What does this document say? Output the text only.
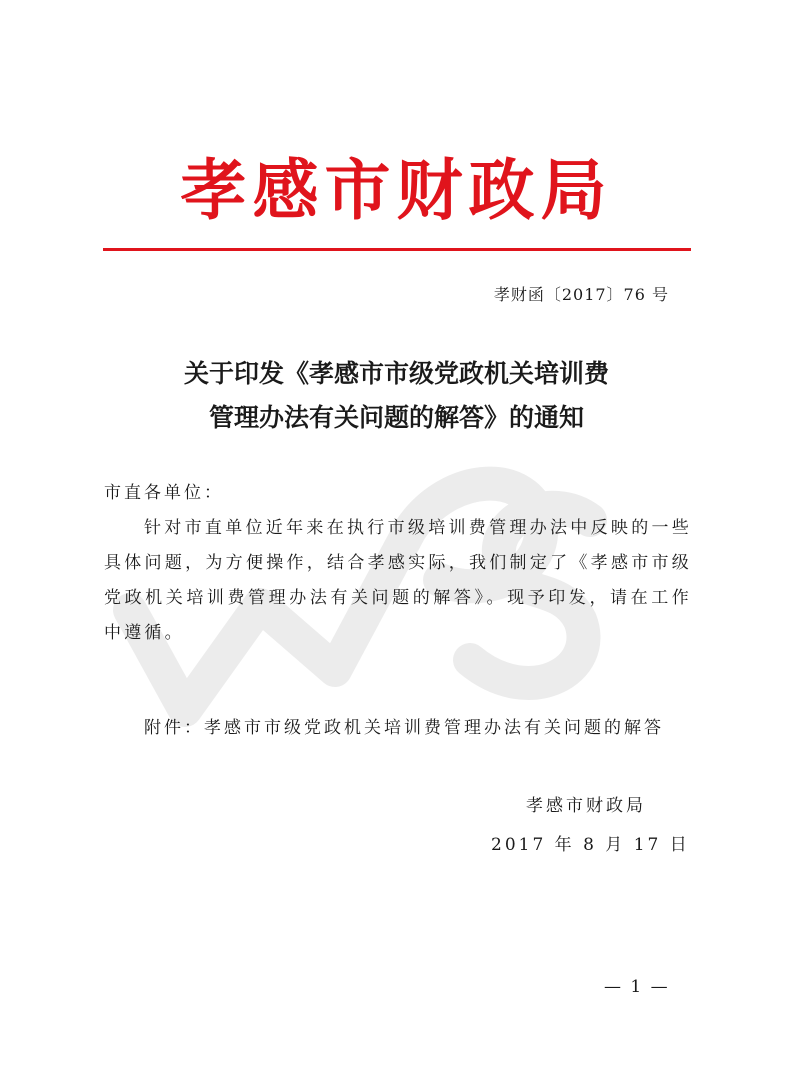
孝感市财政局
孝财函〔2017〕76 号
关于印发《孝感市市级党政机关培训费
管理办法有关问题的解答》的通知
市直各单位：
针对市直单位近年来在执行市级培训费管理办法中反映的一些具体问题，为方便操作，结合孝感实际，我们制定了《孝感市市级党政机关培训费管理办法有关问题的解答》。现予印发，请在工作中遵循。
附件：孝感市市级党政机关培训费管理办法有关问题的解答
孝感市财政局
2017 年 8 月 17 日
— 1 —
